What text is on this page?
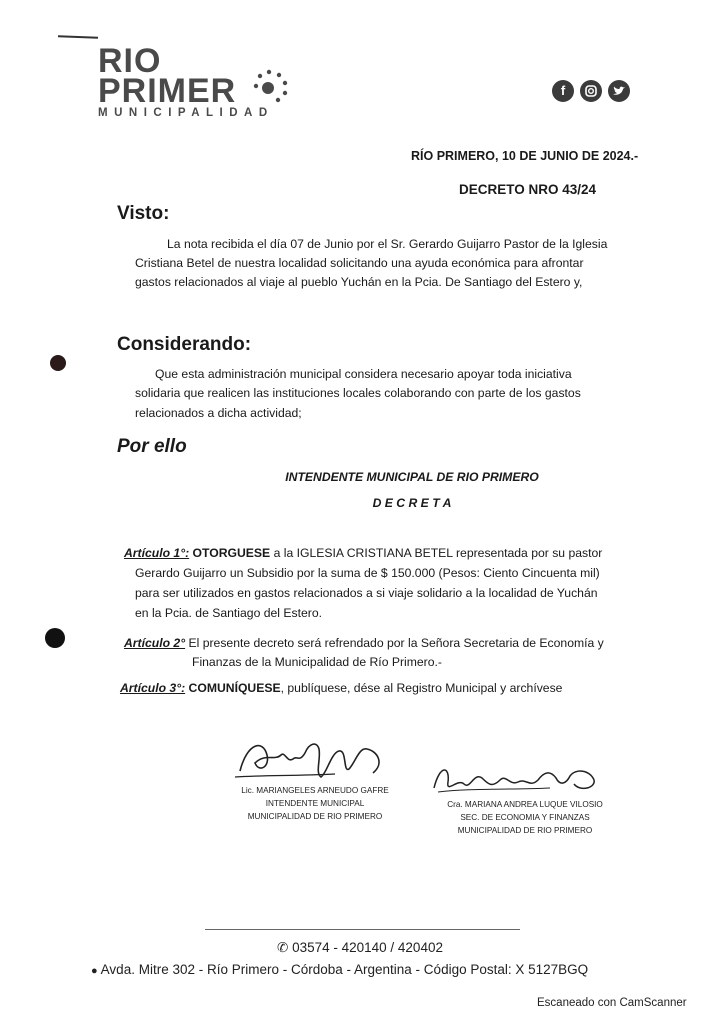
RIO
PRIMER
MUNICIPALIDAD
f
RÍO PRIMERO, 10 DE JUNIO DE 2024.-
DECRETO NRO 43/24
Visto:
La nota recibida el día 07 de Junio por el Sr. Gerardo Guijarro Pastor de la Iglesia
Cristiana Betel de nuestra localidad solicitando una ayuda económica para afrontar
gastos relacionados al viaje al pueblo Yuchán en la Pcia. De Santiago del Estero y,
Considerando:
Que esta administración municipal considera necesario apoyar toda iniciativa
solidaria que realicen las instituciones locales colaborando con parte de los gastos
relacionados a dicha actividad;
Por ello
INTENDENTE MUNICIPAL DE RIO PRIMERO
D E C R E T A
Artículo 1°: OTORGUESE a la IGLESIA CRISTIANA BETEL representada por su pastor
Gerardo Guijarro un Subsidio por la suma de $ 150.000 (Pesos: Ciento Cincuenta mil)
para ser utilizados en gastos relacionados a si viaje solidario a la localidad de Yuchán
en la Pcia. de Santiago del Estero.
Artículo 2° El presente decreto será refrendado por la Señora Secretaria de Economía y
Finanzas de la Municipalidad de Río Primero.-
Artículo 3°: COMUNÍQUESE, publíquese, dése al Registro Municipal y archívese
Lic. MARIANGELES ARNEUDO GAFRE
INTENDENTE MUNICIPAL
MUNICIPALIDAD DE RIO PRIMERO
Cra. MARIANA ANDREA LUQUE VILOSIO
SEC. DE ECONOMIA Y FINANZAS
MUNICIPALIDAD DE RIO PRIMERO
✆ 03574 - 420140 / 420402
● Avda. Mitre 302 - Río Primero - Córdoba - Argentina - Código Postal: X 5127BGQ
Escaneado con CamScanner
